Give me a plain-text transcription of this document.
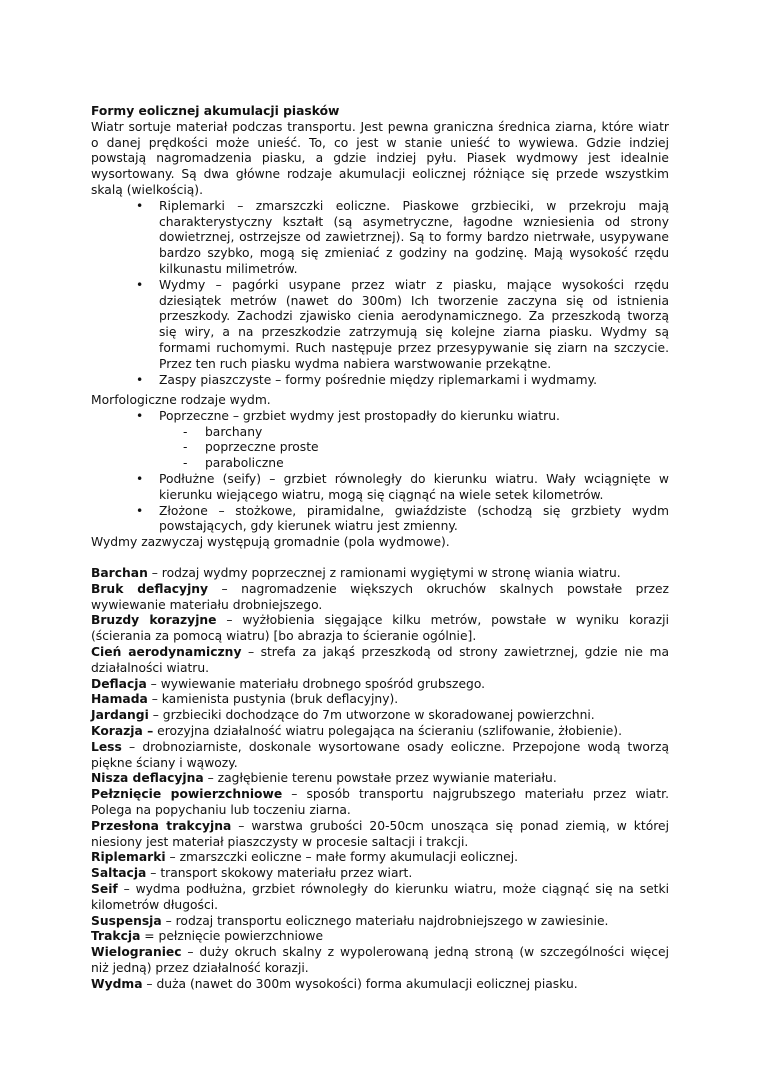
Formy eolicznej akumulacji piasków

Wiatr sortuje materiał podczas transportu. Jest pewna graniczna średnica ziarna, które wiatr o danej prędkości może unieść. To, co jest w stanie unieść to wywiewa. Gdzie indziej powstają nagromadzenia piasku, a gdzie indziej pyłu. Piasek wydmowy jest idealnie wysortowany. Są dwa główne rodzaje akumulacji eolicznej różniące się przede wszystkim skalą (wielkością).

• Riplemarki – zmarszczki eoliczne. Piaskowe grzbieciki, w przekroju mają charakterystyczny kształt (są asymetryczne, łagodne wzniesienia od strony dowietrznej, ostrzejsze od zawietrznej). Są to formy bardzo nietrwałe, usypywane bardzo szybko, mogą się zmieniać z godziny na godzinę. Mają wysokość rzędu kilkunastu milimetrów.
• Wydmy – pagórki usypane przez wiatr z piasku, mające wysokości rzędu dziesiątek metrów (nawet do 300m) Ich tworzenie zaczyna się od istnienia przeszkody. Zachodzi zjawisko cienia aerodynamicznego. Za przeszkodą tworzą się wiry, a na przeszkodzie zatrzymują się kolejne ziarna piasku. Wydmy są formami ruchomymi. Ruch następuje przez przesypywanie się ziarn na szczycie. Przez ten ruch piasku wydma nabiera warstwowanie przekątne.
• Zaspy piaszczyste – formy pośrednie między riplemarkami i wydmamy.

Morfologiczne rodzaje wydm.

• Poprzeczne – grzbiet wydmy jest prostopadły do kierunku wiatru.
- barchany
- poprzeczne proste
- paraboliczne
• Podłużne (seify) – grzbiet równoległy do kierunku wiatru. Wały wciągnięte w kierunku wiejącego wiatru, mogą się ciągnąć na wiele setek kilometrów.
• Złożone – stożkowe, piramidalne, gwiaździste (schodzą się grzbiety wydm powstających, gdy kierunek wiatru jest zmienny.

Wydmy zazwyczaj występują gromadnie (pola wydmowe).

Barchan – rodzaj wydmy poprzecznej z ramionami wygiętymi w stronę wiania wiatru.

Bruk deflacyjny – nagromadzenie większych okruchów skalnych powstałe przez wywiewanie materiału drobniejszego.

Bruzdy korazyjne – wyżłobienia sięgające kilku metrów, powstałe w wyniku korazji (ścierania za pomocą wiatru) [bo abrazja to ścieranie ogólnie].

Cień aerodynamiczny – strefa za jakąś przeszkodą od strony zawietrznej, gdzie nie ma działalności wiatru.

Deflacja – wywiewanie materiału drobnego spośród grubszego.

Hamada – kamienista pustynia (bruk deflacyjny).

Jardangi – grzbieciki dochodzące do 7m utworzone w skoradowanej powierzchni.

Korazja – erozyjna działalność wiatru polegająca na ścieraniu (szlifowanie, żłobienie).

Less – drobnoziarniste, doskonale wysortowane osady eoliczne. Przepojone wodą tworzą piękne ściany i wąwozy.

Nisza deflacyjna – zagłębienie terenu powstałe przez wywianie materiału.

Pełznięcie powierzchniowe – sposób transportu najgrubszego materiału przez wiatr. Polega na popychaniu lub toczeniu ziarna.

Przesłona trakcyjna – warstwa grubości 20-50cm unosząca się ponad ziemią, w której niesiony jest materiał piaszczysty w procesie saltacji i trakcji.

Riplemarki – zmarszczki eoliczne – małe formy akumulacji eolicznej.

Saltacja – transport skokowy materiału przez wiart.

Seif – wydma podłużna, grzbiet równoległy do kierunku wiatru, może ciągnąć się na setki kilometrów długości.

Suspensja – rodzaj transportu eolicznego materiału najdrobniejszego w zawiesinie.

Trakcja = pełznięcie powierzchniowe

Wielograniec – duży okruch skalny z wypolerowaną jedną stroną (w szczególności więcej niż jedną) przez działalność korazji.

Wydma – duża (nawet do 300m wysokości) forma akumulacji eolicznej piasku.
